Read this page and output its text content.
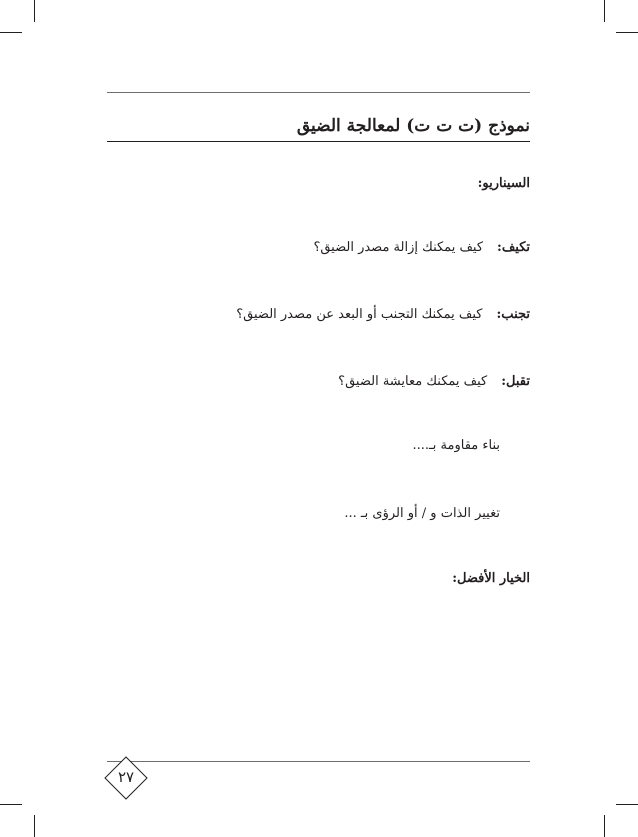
نموذج (ت ت ت) لمعالجة الضيق
السيناريو:
تكيف:
كيف يمكنك إزالة مصدر الضيق؟
تجنب:
كيف يمكنك التجنب أو البعد عن مصدر الضيق؟
تقبل:
كيف يمكنك معايشة الضيق؟
بناء مقاومة بـ....
تغيير الذات و / أو الرؤى بـ ...
الخيار الأفضل:
٢٧
